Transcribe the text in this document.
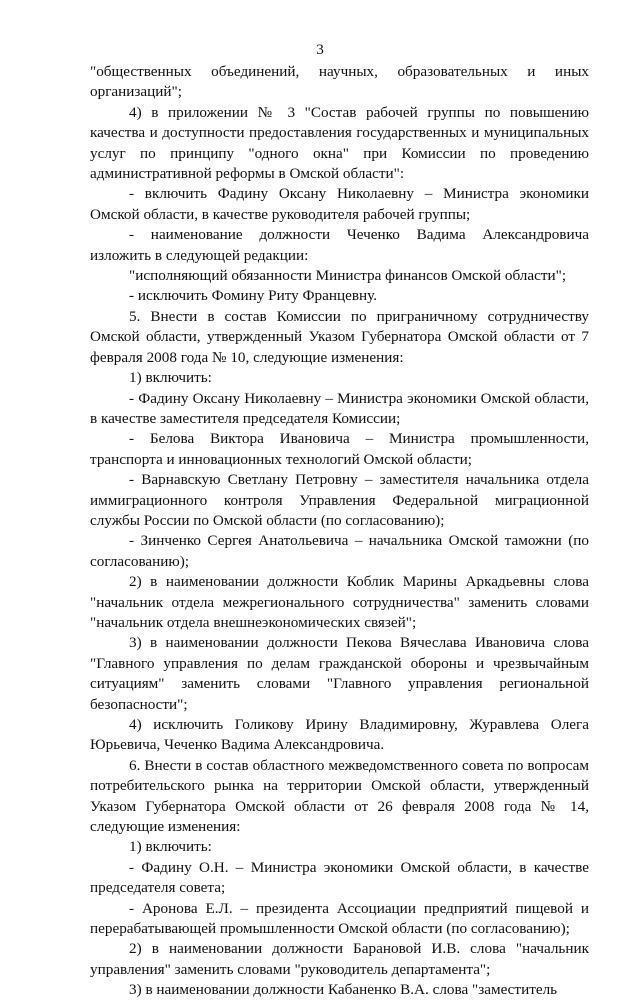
3

"общественных объединений, научных, образовательных и иных организаций";

4) в приложении № 3 "Состав рабочей группы по повышению качества и доступности предоставления государственных и муниципальных услуг по принципу "одного окна" при Комиссии по проведению административной реформы в Омской области":

- включить Фадину Оксану Николаевну – Министра экономики Омской области, в качестве руководителя рабочей группы;

- наименование должности Чеченко Вадима Александровича изложить в следующей редакции:

"исполняющий обязанности Министра финансов Омской области";

- исключить Фомину Риту Францевну.

5. Внести в состав Комиссии по приграничному сотрудничеству Омской области, утвержденный Указом Губернатора Омской области от 7 февраля 2008 года № 10, следующие изменения:

1) включить:

- Фадину Оксану Николаевну – Министра экономики Омской области, в качестве заместителя председателя Комиссии;

- Белова Виктора Ивановича – Министра промышленности, транспорта и инновационных технологий Омской области;

- Варнавскую Светлану Петровну – заместителя начальника отдела иммиграционного контроля Управления Федеральной миграционной службы России по Омской области (по согласованию);

- Зинченко Сергея Анатольевича – начальника Омской таможни (по согласованию);

2) в наименовании должности Коблик Марины Аркадьевны слова "начальник отдела межрегионального сотрудничества" заменить словами "начальник отдела внешнеэкономических связей";

3) в наименовании должности Пекова Вячеслава Ивановича слова "Главного управления по делам гражданской обороны и чрезвычайным ситуациям" заменить словами "Главного управления региональной безопасности";

4) исключить Голикову Ирину Владимировну, Журавлева Олега Юрьевича, Чеченко Вадима Александровича.

6. Внести в состав областного межведомственного совета по вопросам потребительского рынка на территории Омской области, утвержденный Указом Губернатора Омской области от 26 февраля 2008 года № 14, следующие изменения:

1) включить:

- Фадину О.Н. – Министра экономики Омской области, в качестве председателя совета;

- Аронова Е.Л. – президента Ассоциации предприятий пищевой и перерабатывающей промышленности Омской области (по согласованию);

2) в наименовании должности Барановой И.В. слова "начальник управления" заменить словами "руководитель департамента";

3) в наименовании должности Кабаненко В.А. слова "заместитель
